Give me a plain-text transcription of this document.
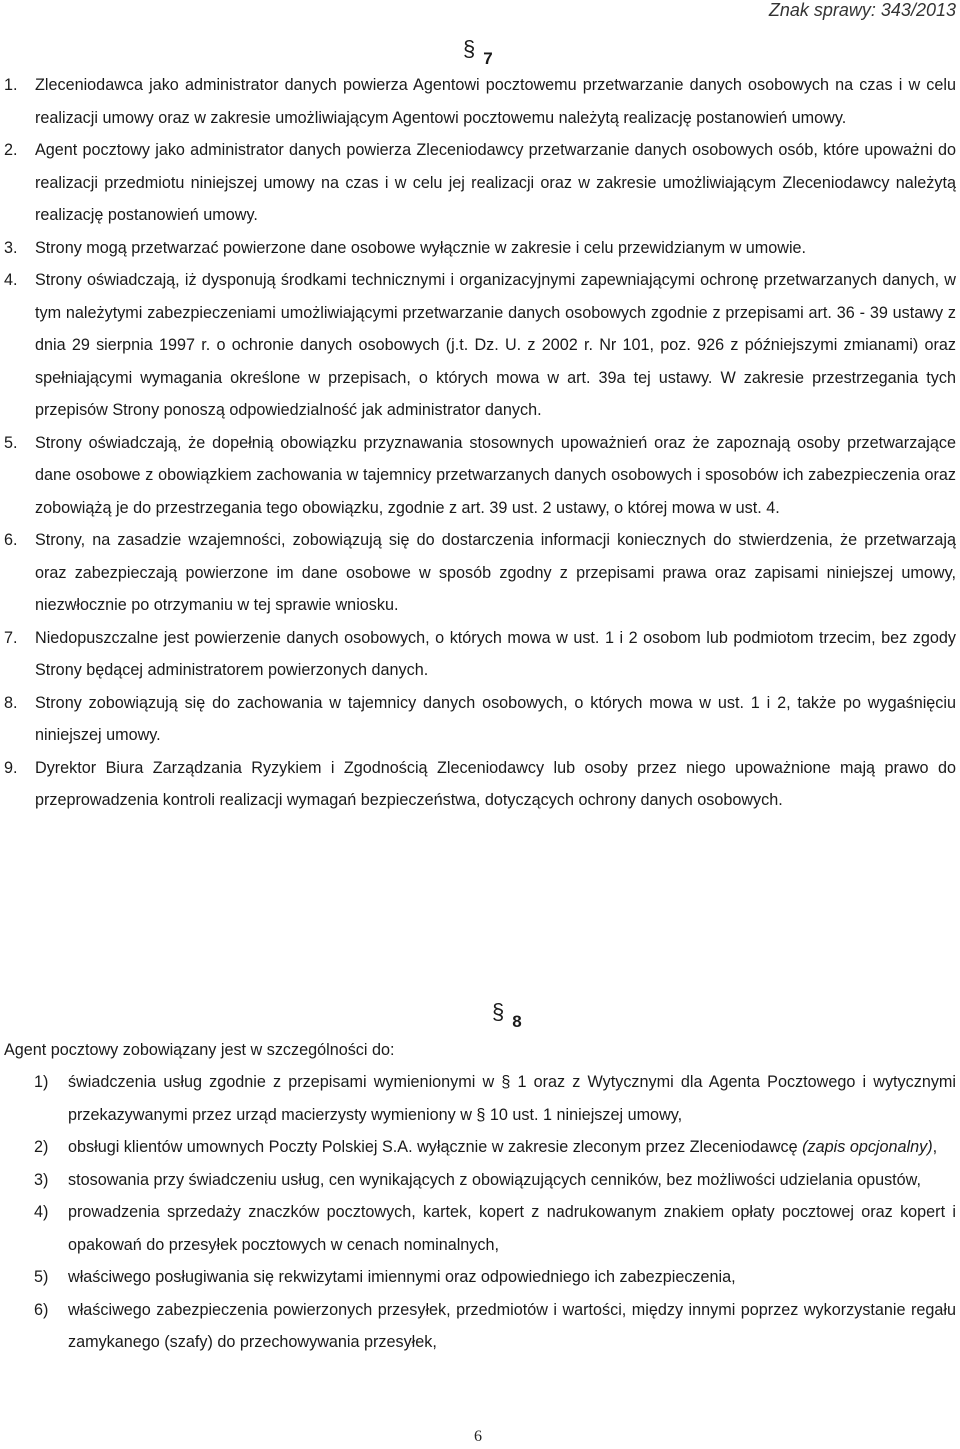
Znak sprawy: 343/2013
§ 7
1. Zleceniodawca jako administrator danych powierza Agentowi pocztowemu przetwarzanie danych osobowych na czas i w celu realizacji umowy oraz w zakresie umożliwiającym Agentowi pocztowemu należytą realizację postanowień umowy.
2. Agent pocztowy jako administrator danych powierza Zleceniodawcy przetwarzanie danych osobowych osób, które upoważni do realizacji przedmiotu niniejszej umowy na czas i w celu jej realizacji oraz w zakresie umożliwiającym Zleceniodawcy należytą realizację postanowień umowy.
3. Strony mogą przetwarzać powierzone dane osobowe wyłącznie w zakresie i celu przewidzianym w umowie.
4. Strony oświadczają, iż dysponują środkami technicznymi i organizacyjnymi zapewniającymi ochronę przetwarzanych danych, w tym należytymi zabezpieczeniami umożliwiającymi przetwarzanie danych osobowych zgodnie z przepisami art. 36 - 39 ustawy z dnia 29 sierpnia 1997 r. o ochronie danych osobowych (j.t. Dz. U. z 2002 r. Nr 101, poz. 926 z późniejszymi zmianami) oraz spełniającymi wymagania określone w przepisach, o których mowa w art. 39a tej ustawy. W zakresie przestrzegania tych przepisów Strony ponoszą odpowiedzialność jak administrator danych.
5. Strony oświadczają, że dopełnią obowiązku przyznawania stosownych upoważnień oraz że zapoznają osoby przetwarzające dane osobowe z obowiązkiem zachowania w tajemnicy przetwarzanych danych osobowych i sposobów ich zabezpieczenia oraz zobowiążą je do przestrzegania tego obowiązku, zgodnie z art. 39 ust. 2 ustawy, o której mowa w ust. 4.
6. Strony, na zasadzie wzajemności, zobowiązują się do dostarczenia informacji koniecznych do stwierdzenia, że przetwarzają oraz zabezpieczają powierzone im dane osobowe w sposób zgodny z przepisami prawa oraz zapisami niniejszej umowy, niezwłocznie po otrzymaniu w tej sprawie wniosku.
7. Niedopuszczalne jest powierzenie danych osobowych, o których mowa w ust. 1 i 2 osobom lub podmiotom trzecim, bez zgody Strony będącej administratorem powierzonych danych.
8. Strony zobowiązują się do zachowania w tajemnicy danych osobowych, o których mowa w ust. 1 i 2, także po wygaśnięciu niniejszej umowy.
9. Dyrektor Biura Zarządzania Ryzykiem i Zgodnością Zleceniodawcy lub osoby przez niego upoważnione mają prawo do przeprowadzenia kontroli realizacji wymagań bezpieczeństwa, dotyczących ochrony danych osobowych.
§ 8
Agent pocztowy zobowiązany jest w szczególności do:
1) świadczenia usług zgodnie z przepisami wymienionymi w § 1 oraz z Wytycznymi dla Agenta Pocztowego i wytycznymi przekazywanymi przez urząd macierzysty wymieniony w § 10 ust. 1 niniejszej umowy,
2) obsługi klientów umownych Poczty Polskiej S.A. wyłącznie w zakresie zleconym przez Zleceniodawcę (zapis opcjonalny),
3) stosowania przy świadczeniu usług, cen wynikających z obowiązujących cenników, bez możliwości udzielania opustów,
4) prowadzenia sprzedaży znaczków pocztowych, kartek, kopert z nadrukowanym znakiem opłaty pocztowej oraz kopert i opakowań do przesyłek pocztowych w cenach nominalnych,
5) właściwego posługiwania się rekwizytami imiennymi oraz odpowiedniego ich zabezpieczenia,
6) właściwego zabezpieczenia powierzonych przesyłek, przedmiotów i wartości, między innymi poprzez wykorzystanie regału zamykanego (szafy) do przechowywania przesyłek,
6
